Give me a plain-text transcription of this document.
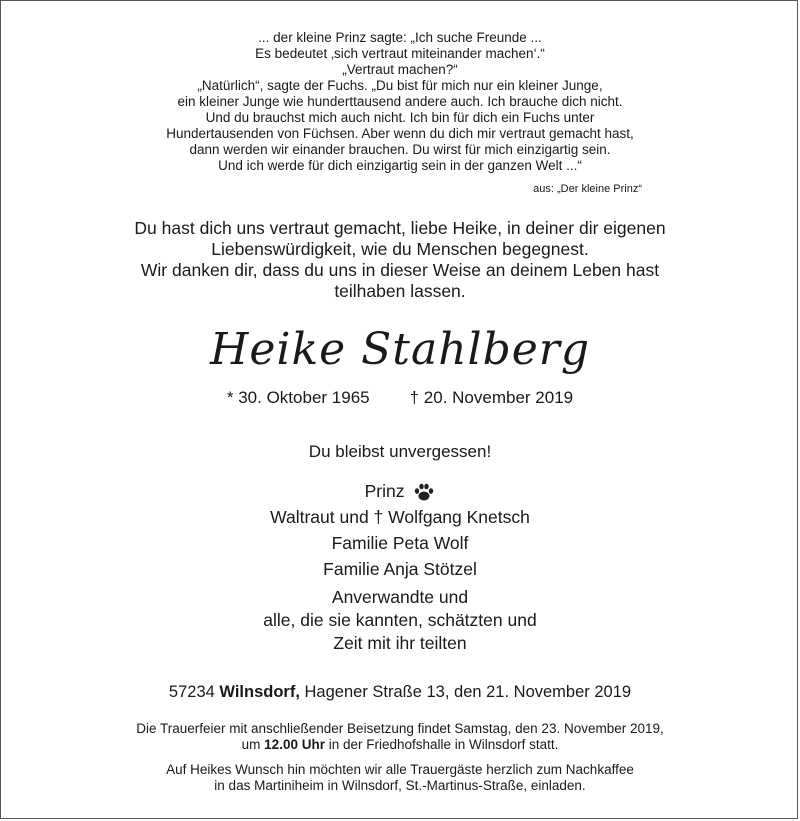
... der kleine Prinz sagte: „Ich suche Freunde ...
Es bedeutet ‚sich vertraut miteinander machen‘.“
„Vertraut machen?“
„Natürlich“, sagte der Fuchs. „Du bist für mich nur ein kleiner Junge,
ein kleiner Junge wie hunderttausend andere auch. Ich brauche dich nicht.
Und du brauchst mich auch nicht. Ich bin für dich ein Fuchs unter
Hundertausenden von Füchsen. Aber wenn du dich mir vertraut gemacht hast,
dann werden wir einander brauchen. Du wirst für mich einzigartig sein.
Und ich werde für dich einzigartig sein in der ganzen Welt ...“
aus: „Der kleine Prinz“
Du hast dich uns vertraut gemacht, liebe Heike, in deiner dir eigenen
Liebenswürdigkeit, wie du Menschen begegnest.
Wir danken dir, dass du uns in dieser Weise an deinem Leben hast
teilhaben lassen.
Heike Stahlberg
* 30. Oktober 1965 † 20. November 2019
Du bleibst unvergessen!
Prinz
Waltraut und † Wolfgang Knetsch
Familie Peta Wolf
Familie Anja Stötzel
Anverwandte und
alle, die sie kannten, schätzten und
Zeit mit ihr teilten
57234 Wilnsdorf, Hagener Straße 13, den 21. November 2019
Die Trauerfeier mit anschließender Beisetzung findet Samstag, den 23. November 2019,
um 12.00 Uhr in der Friedhofshalle in Wilnsdorf statt.
Auf Heikes Wunsch hin möchten wir alle Trauergäste herzlich zum Nachkaffee
in das Martiniheim in Wilnsdorf, St.-Martinus-Straße, einladen.
